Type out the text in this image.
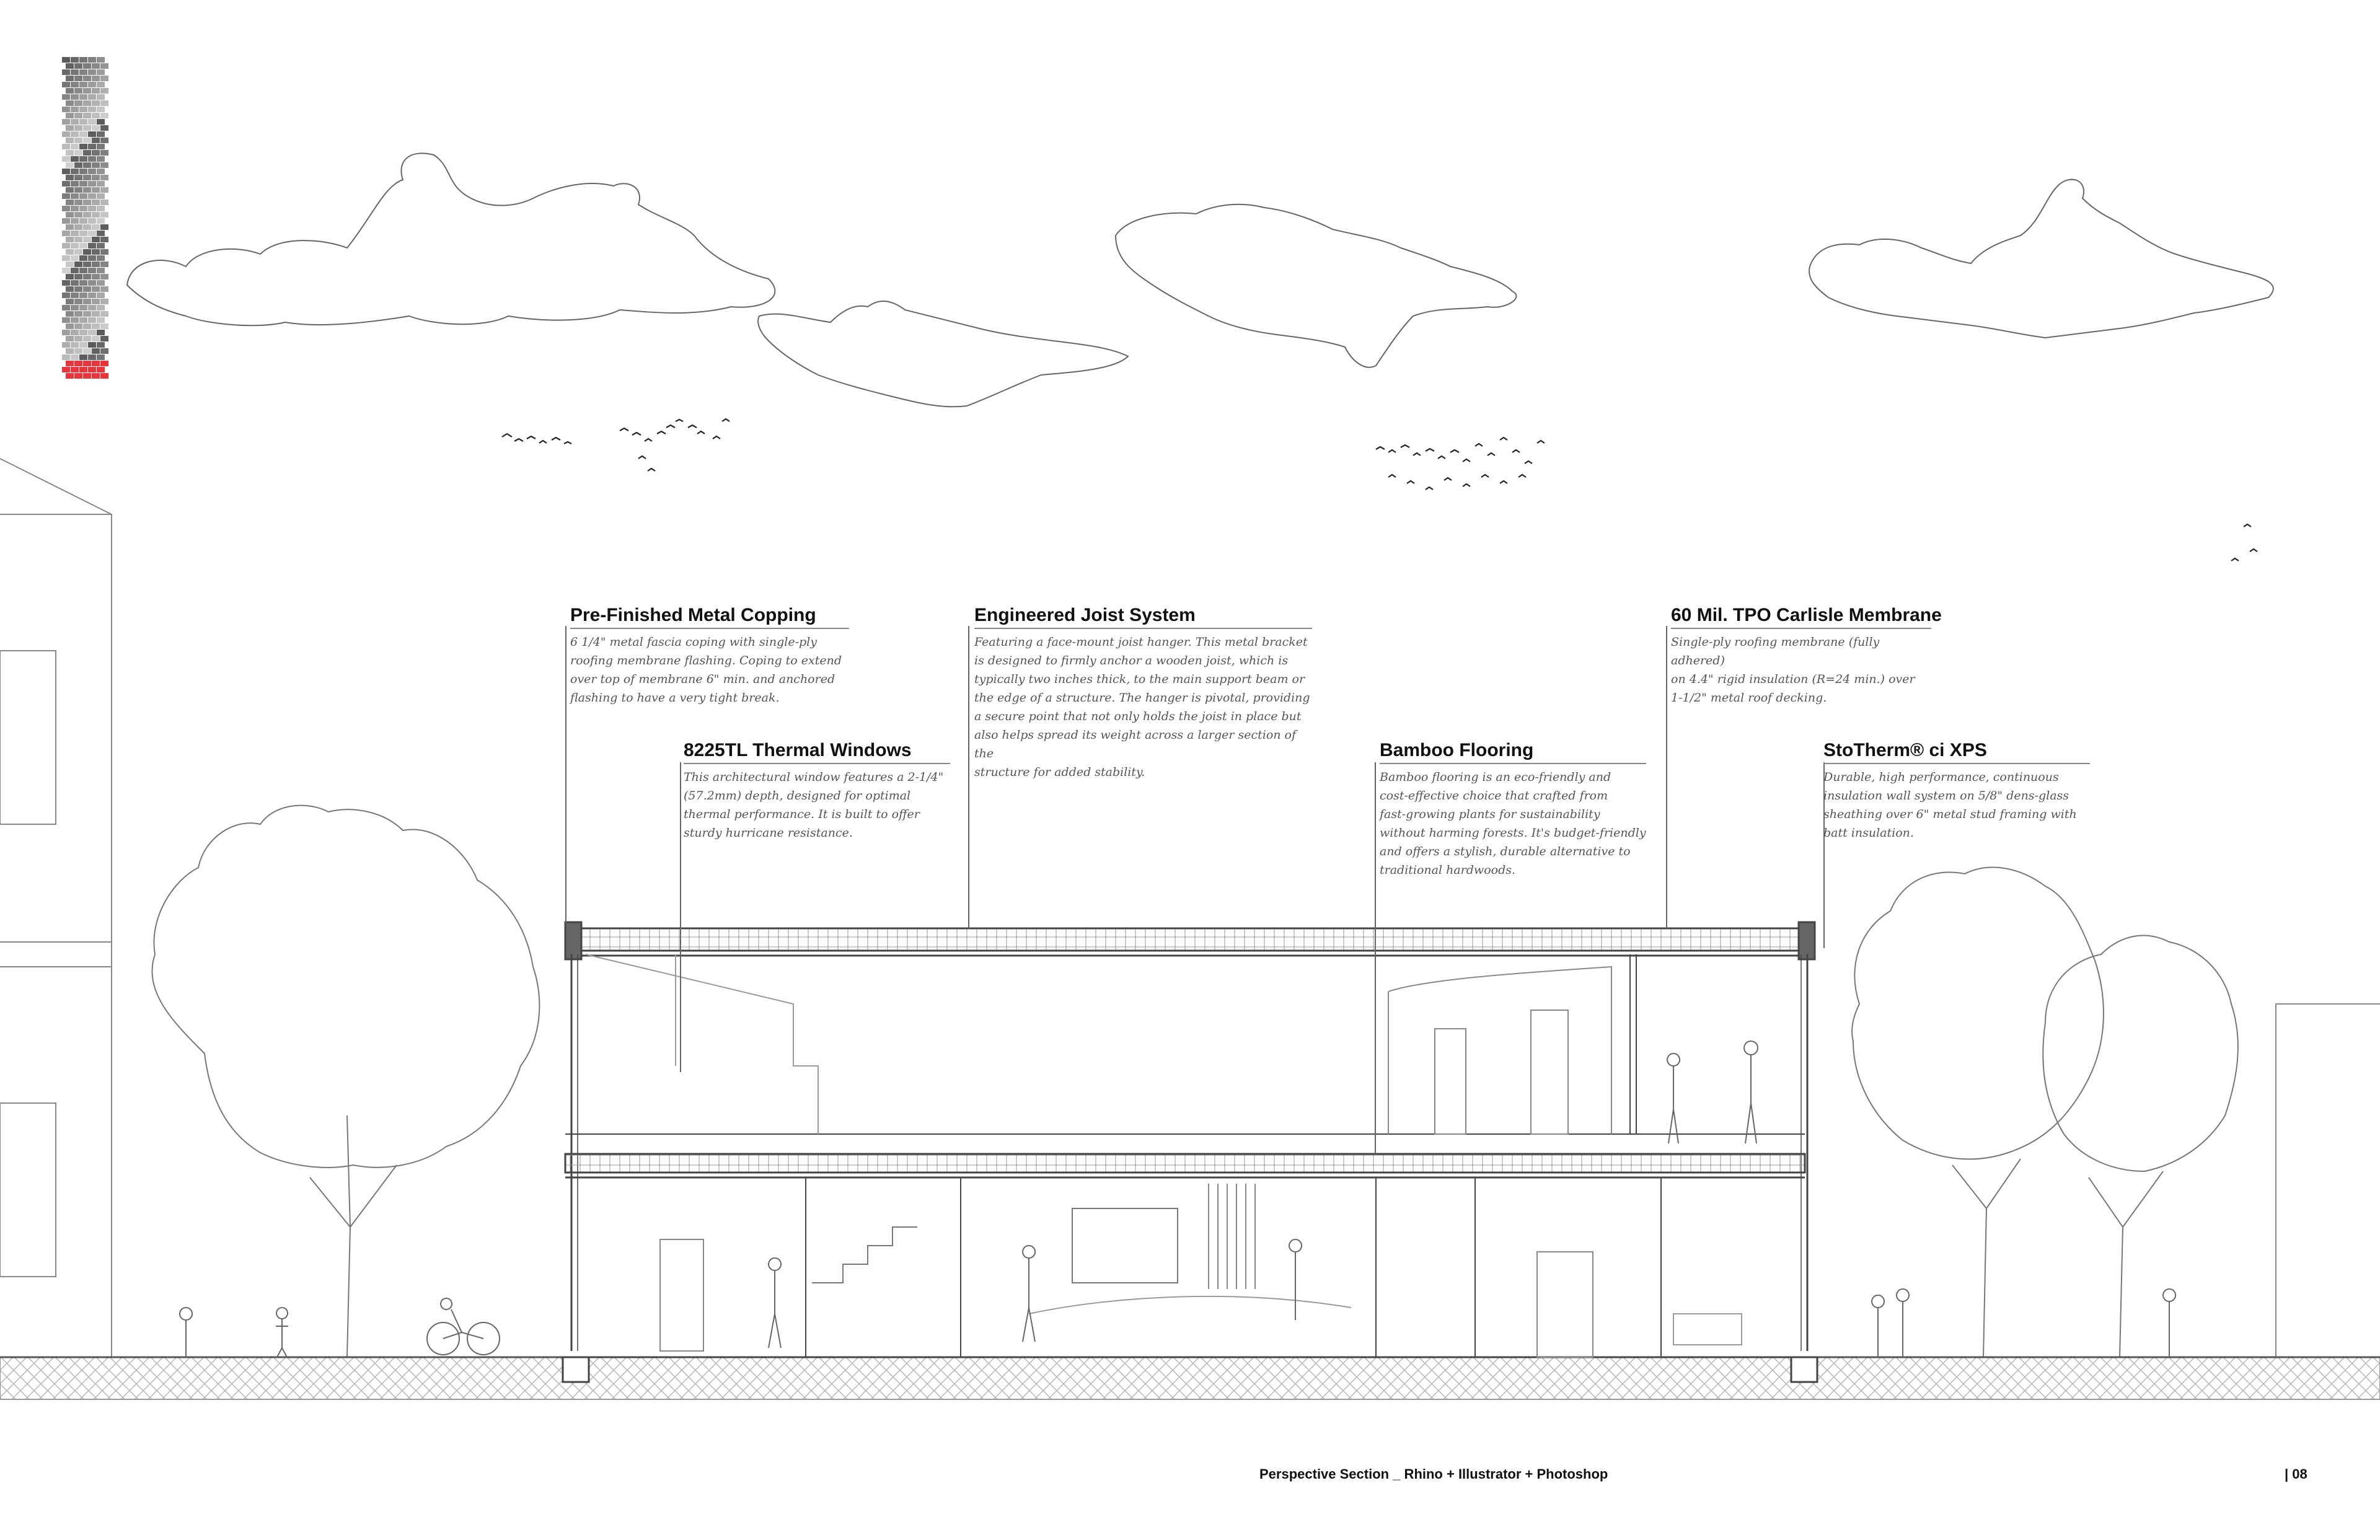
Pre-Finished Metal Copping

6 1/4" metal fascia coping with single-ply
roofing membrane flashing. Coping to extend
over top of membrane 6" min. and anchored
flashing to have a very tight break.

Engineered Joist System

Featuring a face-mount joist hanger. This metal bracket
is designed to firmly anchor a wooden joist, which is
typically two inches thick, to the main support beam or
the edge of a structure. The hanger is pivotal, providing
a secure point that not only holds the joist in place but
also helps spread its weight across a larger section of the
structure for added stability.

60 Mil. TPO Carlisle Membrane

Single-ply roofing membrane (fully adhered)
on 4.4" rigid insulation (R=24 min.) over
1-1/2" metal roof decking.

8225TL Thermal Windows

This architectural window features a 2-1/4"
(57.2mm) depth, designed for optimal
thermal performance. It is built to offer
sturdy hurricane resistance.

Bamboo Flooring

Bamboo flooring is an eco-friendly and
cost-effective choice that crafted from
fast-growing plants for sustainability
without harming forests. It's budget-friendly
and offers a stylish, durable alternative to
traditional hardwoods.

StoTherm® ci XPS

Durable, high performance, continuous
insulation wall system on 5/8" dens-glass
sheathing over 6" metal stud framing with
batt insulation.

Perspective Section _ Rhino + Illustrator + Photoshop	| 08
